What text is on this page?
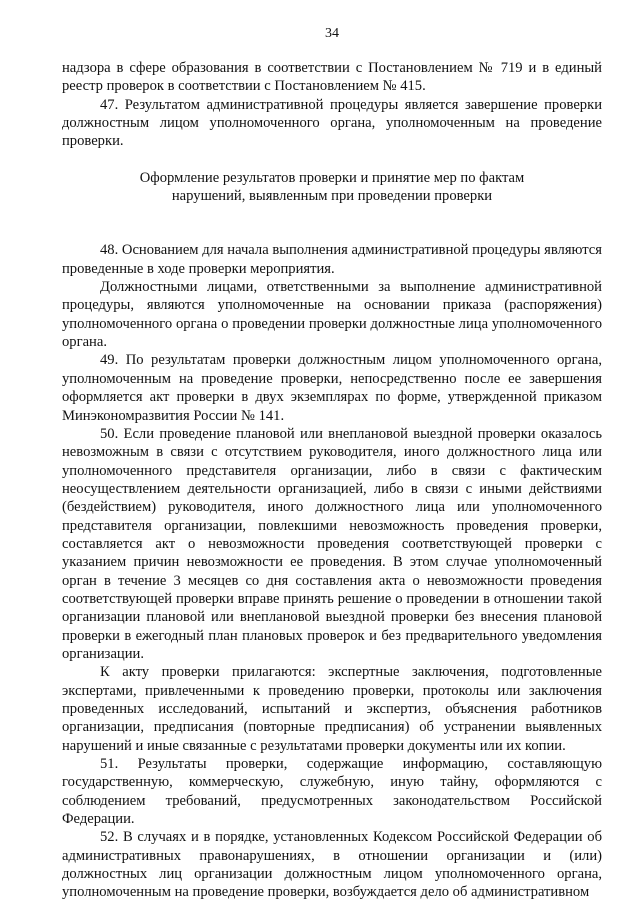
34

надзора в сфере образования в соответствии с Постановлением № 719 и в единый реестр проверок в соответствии с Постановлением № 415.

47. Результатом административной процедуры является завершение проверки должностным лицом уполномоченного органа, уполномоченным на проведение проверки.

Оформление результатов проверки и принятие мер по фактам нарушений, выявленным при проведении проверки

48. Основанием для начала выполнения административной процедуры являются проведенные в ходе проверки мероприятия.

Должностными лицами, ответственными за выполнение административной процедуры, являются уполномоченные на основании приказа (распоряжения) уполномоченного органа о проведении проверки должностные лица уполномоченного органа.

49. По результатам проверки должностным лицом уполномоченного органа, уполномоченным на проведение проверки, непосредственно после ее завершения оформляется акт проверки в двух экземплярах по форме, утвержденной приказом Минэкономразвития России № 141.

50. Если проведение плановой или внеплановой выездной проверки оказалось невозможным в связи с отсутствием руководителя, иного должностного лица или уполномоченного представителя организации, либо в связи с фактическим неосуществлением деятельности организацией, либо в связи с иными действиями (бездействием) руководителя, иного должностного лица или уполномоченного представителя организации, повлекшими невозможность проведения проверки, составляется акт о невозможности проведения соответствующей проверки с указанием причин невозможности ее проведения. В этом случае уполномоченный орган в течение 3 месяцев со дня составления акта о невозможности проведения соответствующей проверки вправе принять решение о проведении в отношении такой организации плановой или внеплановой выездной проверки без внесения плановой проверки в ежегодный план плановых проверок и без предварительного уведомления организации.

К акту проверки прилагаются: экспертные заключения, подготовленные экспертами, привлеченными к проведению проверки, протоколы или заключения проведенных исследований, испытаний и экспертиз, объяснения работников организации, предписания (повторные предписания) об устранении выявленных нарушений и иные связанные с результатами проверки документы или их копии.

51. Результаты проверки, содержащие информацию, составляющую государственную, коммерческую, служебную, иную тайну, оформляются с соблюдением требований, предусмотренных законодательством Российской Федерации.

52. В случаях и в порядке, установленных Кодексом Российской Федерации об административных правонарушениях, в отношении организации и (или) должностных лиц организации должностным лицом уполномоченного органа, уполномоченным на проведение проверки, возбуждается дело об административном
